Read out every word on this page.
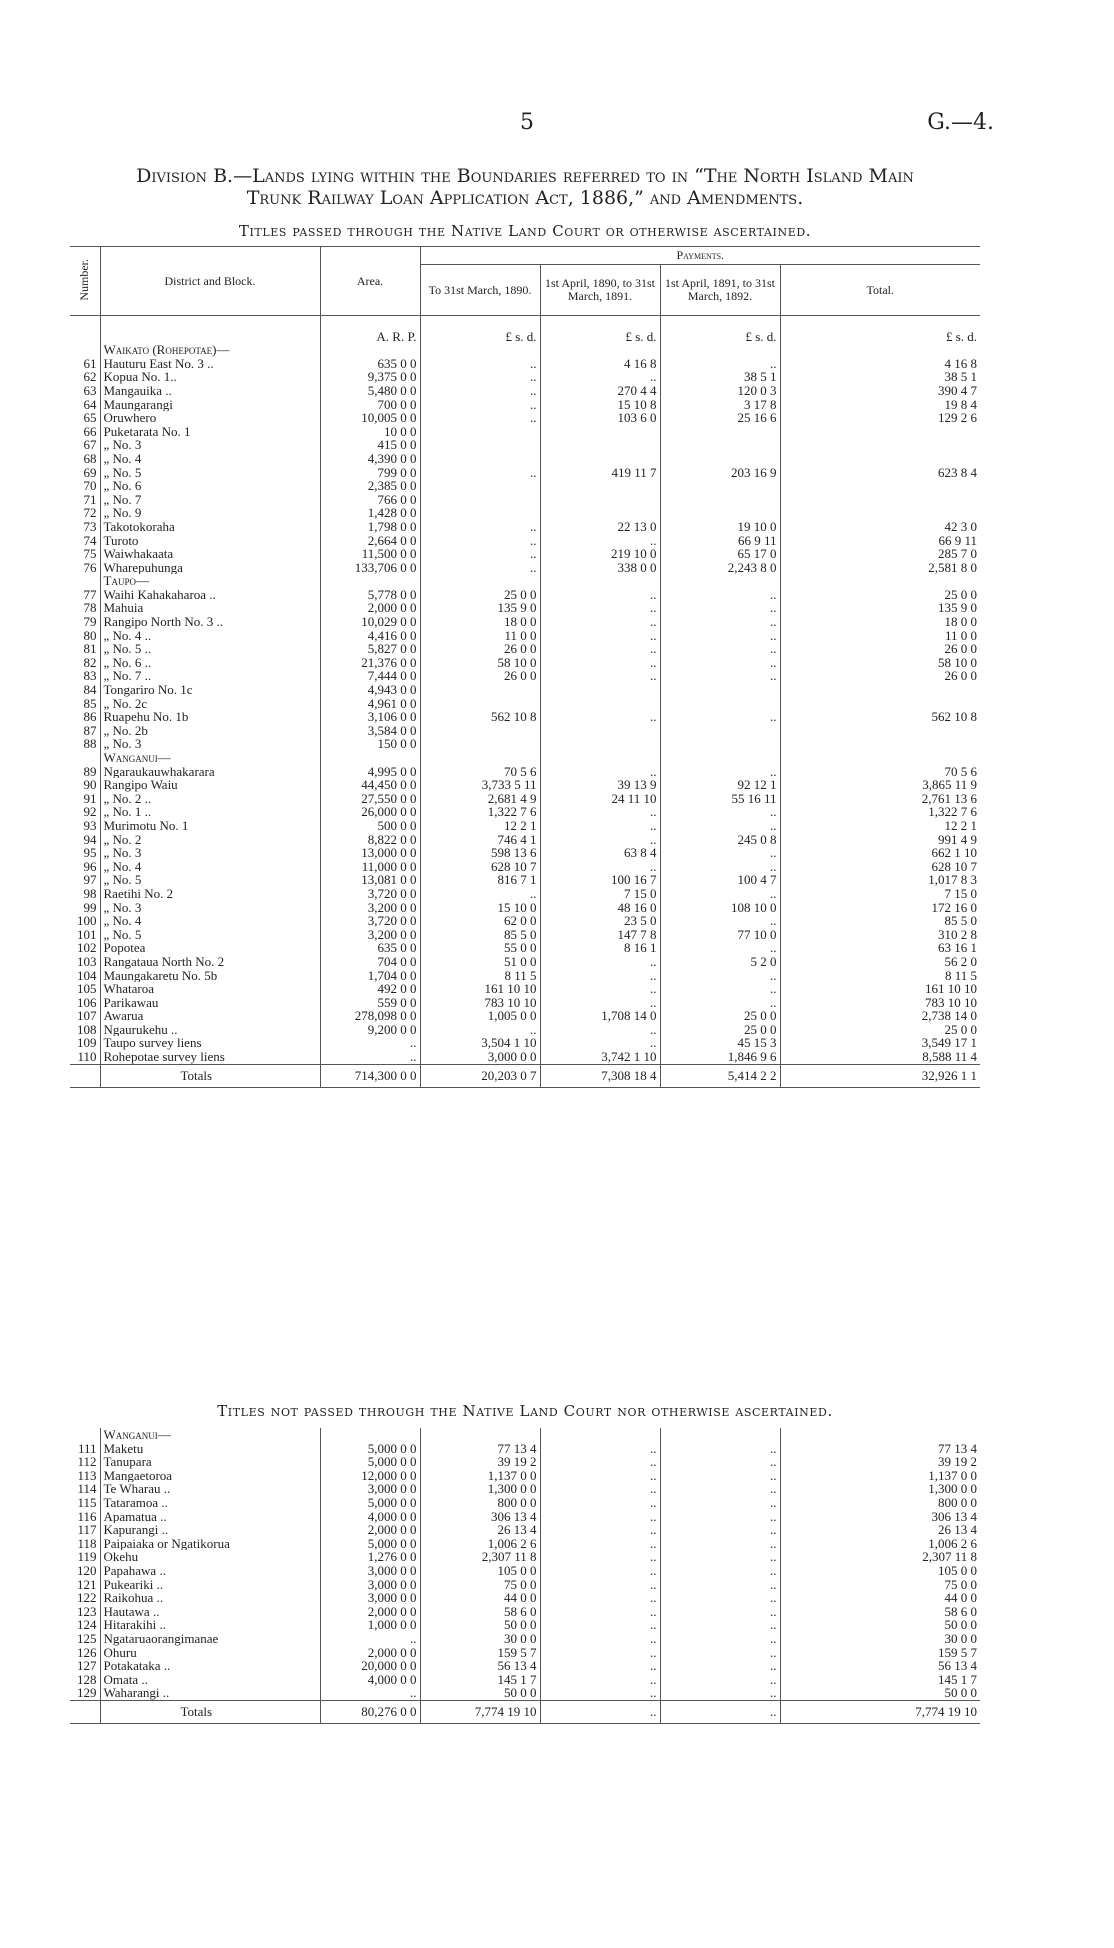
5	G.—4.
Division B.—Lands lying within the Boundaries referred to in “The North Island Main
Trunk Railway Loan Application Act, 1886,” and Amendments.
Titles passed through the Native Land Court or otherwise ascertained.
Number.	District and Block.	Area.	Payments.			
			To 31st March, 1890.	1st April, 1890, to 31st March, 1891.	1st April, 1891, to 31st March, 1892.	Total.

		A. R. P.	£ s. d.	£ s. d.	£ s. d.	£ s. d.
	Waikato (Rohepotae)—					
61	Hauturu East No. 3 ..	635 0 0	..	4 16 8	..	4 16 8
62	Kopua No. 1..	9,375 0 0	..	..	38 5 1	38 5 1
63	Mangauika ..	5,480 0 0	..	270 4 4	120 0 3	390 4 7
64	Maungarangi	700 0 0	..	15 10 8	3 17 8	19 8 4
65	Oruwhero	10,005 0 0	..	103 6 0	25 16 6	129 2 6
66	Puketarata No. 1	10 0 0				
67	„ No. 3	415 0 0				
68	„ No. 4	4,390 0 0				
69	„ No. 5	799 0 0	..	419 11 7	203 16 9	623 8 4
70	„ No. 6	2,385 0 0				
71	„ No. 7	766 0 0				
72	„ No. 9	1,428 0 0				
73	Takotokoraha	1,798 0 0	..	22 13 0	19 10 0	42 3 0
74	Turoto	2,664 0 0	..	..	66 9 11	66 9 11
75	Waiwhakaata	11,500 0 0	..	219 10 0	65 17 0	285 7 0
76	Wharepuhunga	133,706 0 0	..	338 0 0	2,243 8 0	2,581 8 0
	Taupo—					
77	Waihi Kahakaharoa ..	5,778 0 0	25 0 0	..	..	25 0 0
78	Mahuia	2,000 0 0	135 9 0	..	..	135 9 0
79	Rangipo North No. 3 ..	10,029 0 0	18 0 0	..	..	18 0 0
80	„ No. 4 ..	4,416 0 0	11 0 0	..	..	11 0 0
81	„ No. 5 ..	5,827 0 0	26 0 0	..	..	26 0 0
82	„ No. 6 ..	21,376 0 0	58 10 0	..	..	58 10 0
83	„ No. 7 ..	7,444 0 0	26 0 0	..	..	26 0 0
84	Tongariro No. 1c	4,943 0 0				
85	„ No. 2c	4,961 0 0				
86	Ruapehu No. 1b	3,106 0 0	562 10 8	..	..	562 10 8
87	„ No. 2b	3,584 0 0				
88	„ No. 3	150 0 0				
	Wanganui—					
89	Ngaraukauwhakarara	4,995 0 0	70 5 6	..	..	70 5 6
90	Rangipo Waiu	44,450 0 0	3,733 5 11	39 13 9	92 12 1	3,865 11 9
91	„ No. 2 ..	27,550 0 0	2,681 4 9	24 11 10	55 16 11	2,761 13 6
92	„ No. 1 ..	26,000 0 0	1,322 7 6	..	..	1,322 7 6
93	Murimotu No. 1	500 0 0	12 2 1	..	..	12 2 1
94	„ No. 2	8,822 0 0	746 4 1	..	245 0 8	991 4 9
95	„ No. 3	13,000 0 0	598 13 6	63 8 4	..	662 1 10
96	„ No. 4	11,000 0 0	628 10 7	..	..	628 10 7
97	„ No. 5	13,081 0 0	816 7 1	100 16 7	100 4 7	1,017 8 3
98	Raetihi No. 2	3,720 0 0	..	7 15 0	..	7 15 0
99	„ No. 3	3,200 0 0	15 10 0	48 16 0	108 10 0	172 16 0
100	„ No. 4	3,720 0 0	62 0 0	23 5 0	..	85 5 0
101	„ No. 5	3,200 0 0	85 5 0	147 7 8	77 10 0	310 2 8
102	Popotea	635 0 0	55 0 0	8 16 1	..	63 16 1
103	Rangataua North No. 2	704 0 0	51 0 0	..	5 2 0	56 2 0
104	Maungakaretu No. 5b	1,704 0 0	8 11 5	..	..	8 11 5
105	Whataroa	492 0 0	161 10 10	..	..	161 10 10
106	Parikawau	559 0 0	783 10 10	..	..	783 10 10
107	Awarua	278,098 0 0	1,005 0 0	1,708 14 0	25 0 0	2,738 14 0
108	Ngaurukehu ..	9,200 0 0	..	..	25 0 0	25 0 0
109	Taupo survey liens	..	3,504 1 10	..	45 15 3	3,549 17 1
110	Rohepotae survey liens	..	3,000 0 0	3,742 1 10	1,846 9 6	8,588 11 4
	Totals	714,300 0 0	20,203 0 7	7,308 18 4	5,414 2 2	32,926 1 1
Titles not passed through the Native Land Court nor otherwise ascertained.
	Wanganui—					
111	Maketu	5,000 0 0	77 13 4	..	..	77 13 4
112	Tanupara	5,000 0 0	39 19 2	..	..	39 19 2
113	Mangaetoroa	12,000 0 0	1,137 0 0	..	..	1,137 0 0
114	Te Wharau ..	3,000 0 0	1,300 0 0	..	..	1,300 0 0
115	Tataramoa ..	5,000 0 0	800 0 0	..	..	800 0 0
116	Apamatua ..	4,000 0 0	306 13 4	..	..	306 13 4
117	Kapurangi ..	2,000 0 0	26 13 4	..	..	26 13 4
118	Paipaiaka or Ngatikorua	5,000 0 0	1,006 2 6	..	..	1,006 2 6
119	Okehu	1,276 0 0	2,307 11 8	..	..	2,307 11 8
120	Papahawa ..	3,000 0 0	105 0 0	..	..	105 0 0
121	Pukeariki ..	3,000 0 0	75 0 0	..	..	75 0 0
122	Raikohua ..	3,000 0 0	44 0 0	..	..	44 0 0
123	Hautawa ..	2,000 0 0	58 6 0	..	..	58 6 0
124	Hitarakihi ..	1,000 0 0	50 0 0	..	..	50 0 0
125	Ngataruaorangimanae	..	30 0 0	..	..	30 0 0
126	Ohuru	2,000 0 0	159 5 7	..	..	159 5 7
127	Potakataka ..	20,000 0 0	56 13 4	..	..	56 13 4
128	Omata ..	4,000 0 0	145 1 7	..	..	145 1 7
129	Waharangi ..	..	50 0 0	..	..	50 0 0
	Totals	80,276 0 0	7,774 19 10	..	..	7,774 19 10
